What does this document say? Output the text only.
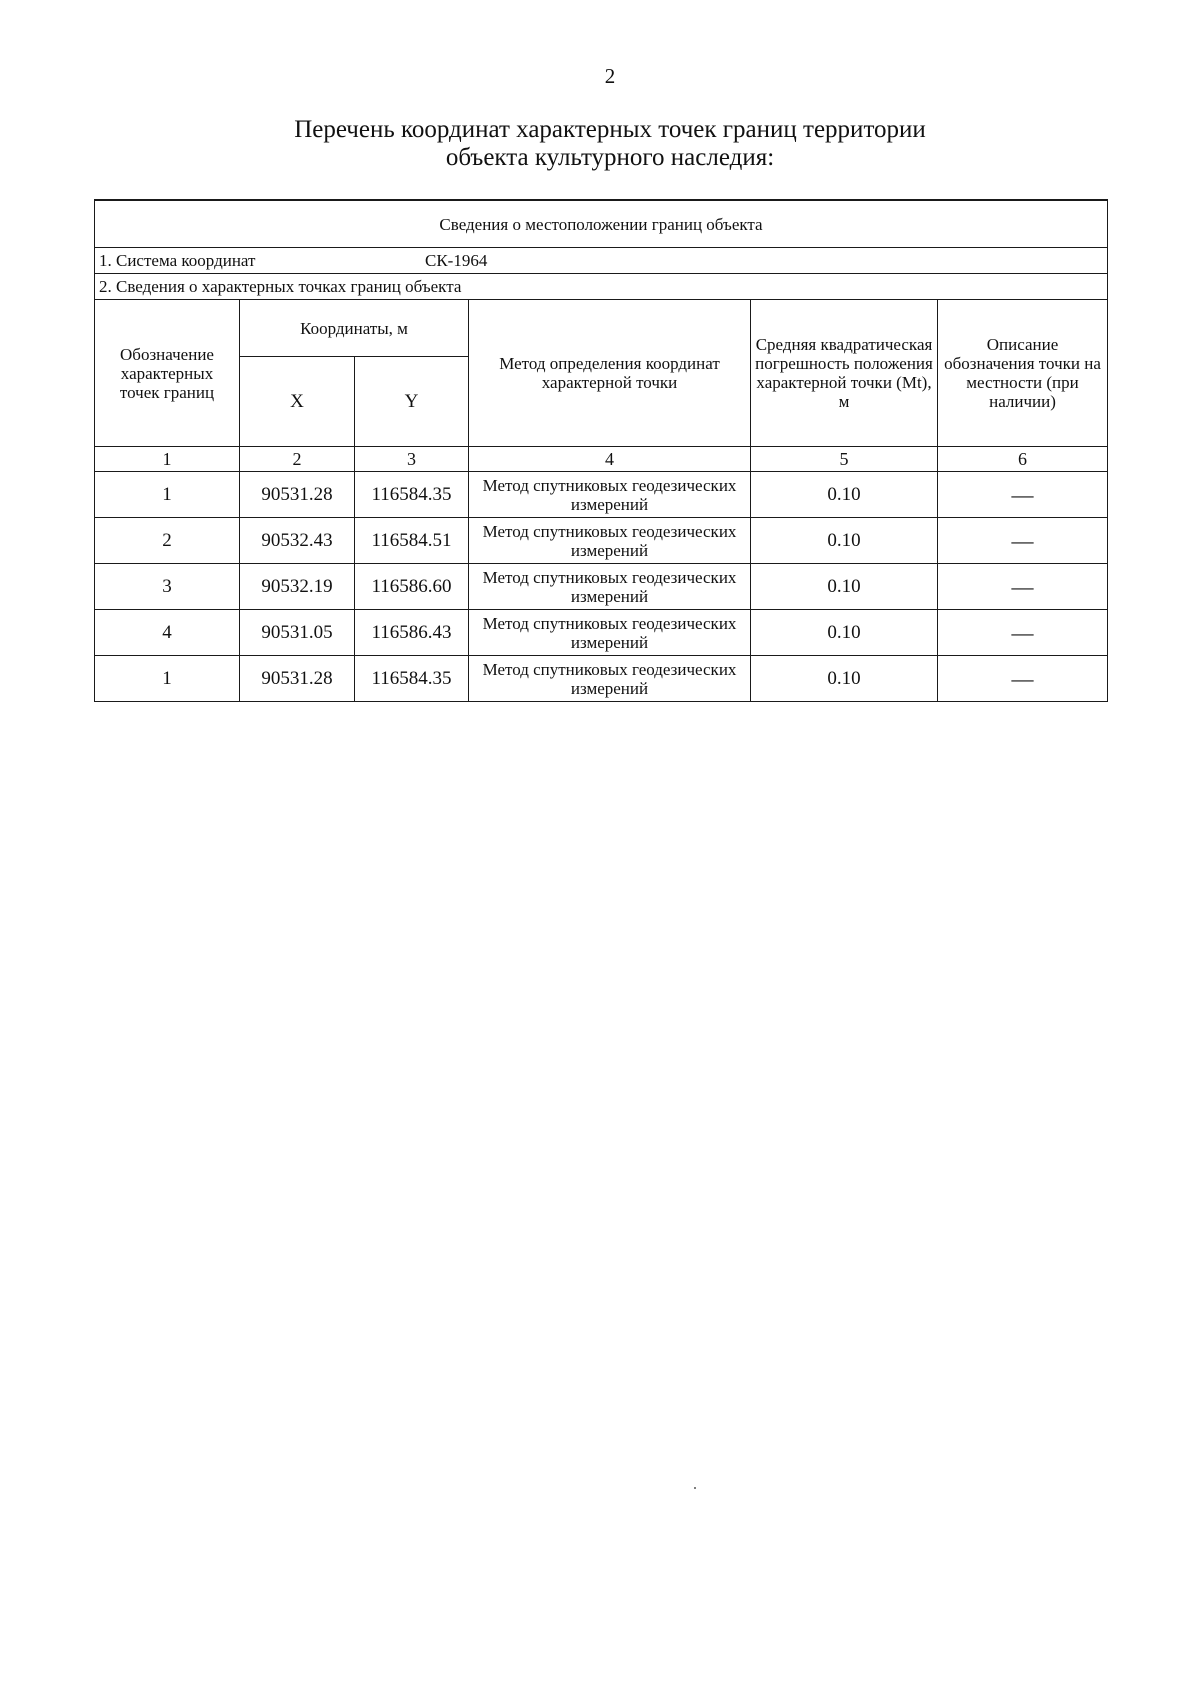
2
Перечень координат характерных точек границ территории
объекта культурного наследия:
Сведения о местоположении границ объекта					
1. Система координат СК-1964					
2. Сведения о характерных точках границ объекта					
Обозначение характерных точек границ	Координаты, м		Метод определения координат характерной точки	Средняя квадратическая погрешность положения характерной точки (Mt), м	Описание обозначения точки на местности (при наличии)
	X	Y			
1	2	3	4	5	6
1	90531.28	116584.35	Метод спутниковых геодезических измерений	0.10	—
2	90532.43	116584.51	Метод спутниковых геодезических измерений	0.10	—
3	90532.19	116586.60	Метод спутниковых геодезических измерений	0.10	—
4	90531.05	116586.43	Метод спутниковых геодезических измерений	0.10	—
1	90531.28	116584.35	Метод спутниковых геодезических измерений	0.10	—
